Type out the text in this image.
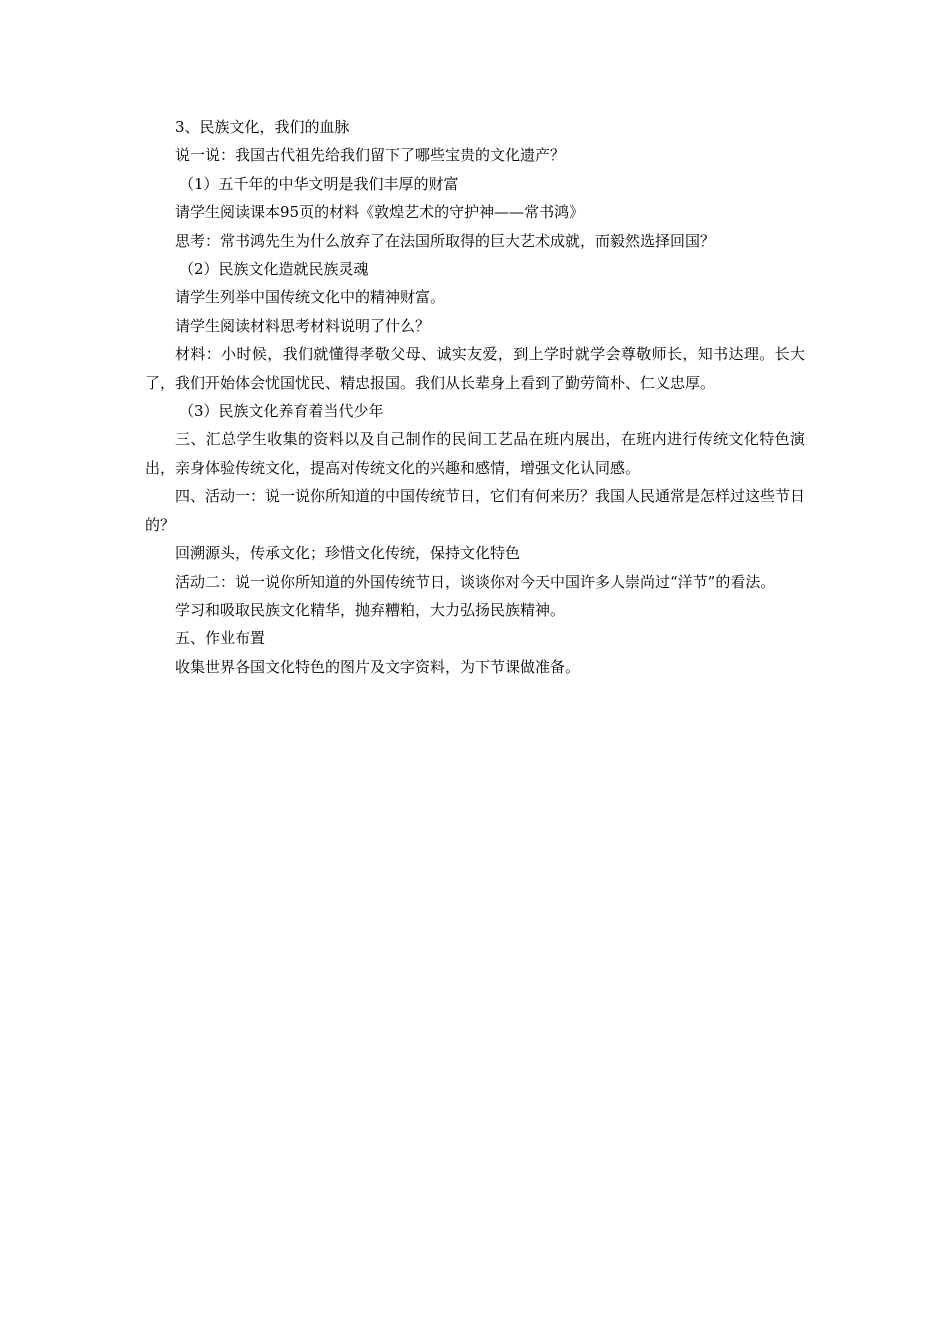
3、民族文化，我们的血脉

说一说：我国古代祖先给我们留下了哪些宝贵的文化遗产？

（1）五千年的中华文明是我们丰厚的财富

请学生阅读课本95页的材料《敦煌艺术的守护神——常书鸿》

思考：常书鸿先生为什么放弃了在法国所取得的巨大艺术成就，而毅然选择回国？

（2）民族文化造就民族灵魂

请学生列举中国传统文化中的精神财富。

请学生阅读材料思考材料说明了什么？

材料：小时候，我们就懂得孝敬父母、诚实友爱，到上学时就学会尊敬师长，知书达理。长大了，我们开始体会忧国忧民、精忠报国。我们从长辈身上看到了勤劳简朴、仁义忠厚。

（3）民族文化养育着当代少年

三、汇总学生收集的资料以及自己制作的民间工艺品在班内展出，在班内进行传统文化特色演出，亲身体验传统文化，提高对传统文化的兴趣和感情，增强文化认同感。

四、活动一：说一说你所知道的中国传统节日，它们有何来历？我国人民通常是怎样过这些节日的？

回溯源头，传承文化；珍惜文化传统，保持文化特色

活动二：说一说你所知道的外国传统节日，谈谈你对今天中国许多人崇尚过“洋节”的看法。

学习和吸取民族文化精华，抛弃糟粕，大力弘扬民族精神。

五、作业布置

收集世界各国文化特色的图片及文字资料，为下节课做准备。
